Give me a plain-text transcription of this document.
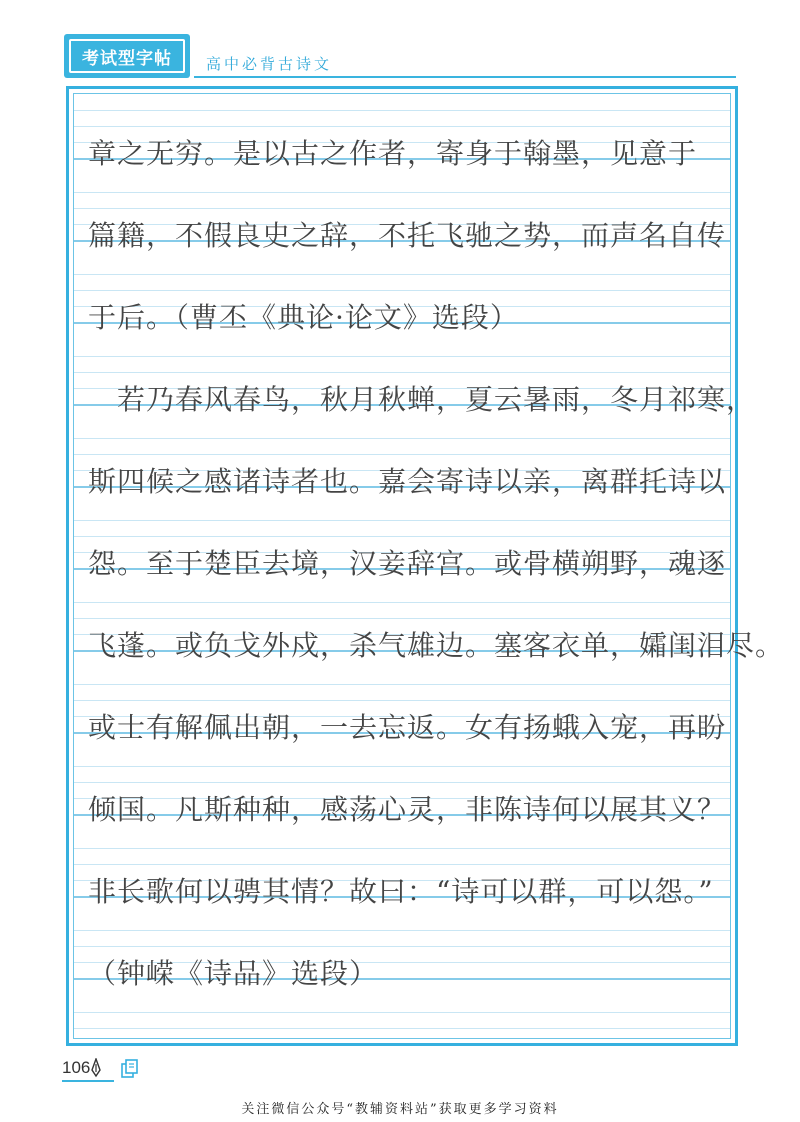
考试型字帖	高中必背古诗文
章之无穷。是以古之作者，寄身于翰墨，见意于
篇籍，不假良史之辞，不托飞驰之势，而声名自传
于后。（曹丕《典论·论文》选段）
　若乃春风春鸟，秋月秋蝉，夏云暑雨，冬月祁寒，
斯四候之感诸诗者也。嘉会寄诗以亲，离群托诗以
怨。至于楚臣去境，汉妾辞宫。或骨横朔野，魂逐
飞蓬。或负戈外戍，杀气雄边。塞客衣单，孀闺泪尽。
或士有解佩出朝，一去忘返。女有扬蛾入宠，再盼
倾国。凡斯种种，感荡心灵，非陈诗何以展其义？
非长歌何以骋其情？故曰：“诗可以群，可以怨。”
（钟嵘《诗品》选段）
106
关注微信公众号“教辅资料站”获取更多学习资料
